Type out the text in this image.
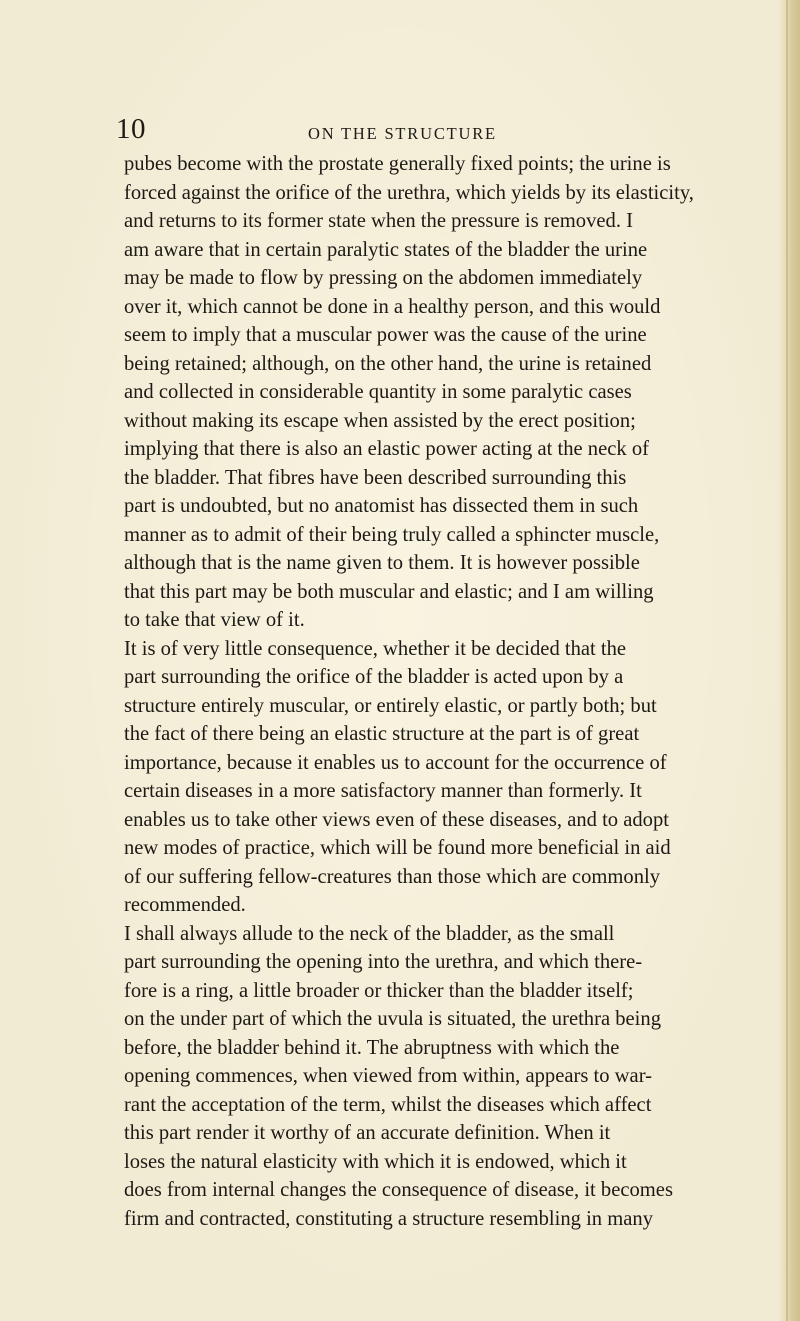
10	ON THE STRUCTURE
pubes become with the prostate generally fixed points; the urine is
forced against the orifice of the urethra, which yields by its elasticity,
and returns to its former state when the pressure is removed. I
am aware that in certain paralytic states of the bladder the urine
may be made to flow by pressing on the abdomen immediately
over it, which cannot be done in a healthy person, and this would
seem to imply that a muscular power was the cause of the urine
being retained; although, on the other hand, the urine is retained
and collected in considerable quantity in some paralytic cases
without making its escape when assisted by the erect position;
implying that there is also an elastic power acting at the neck of
the bladder. That fibres have been described surrounding this
part is undoubted, but no anatomist has dissected them in such
manner as to admit of their being truly called a sphincter muscle,
although that is the name given to them. It is however possible
that this part may be both muscular and elastic; and I am willing
to take that view of it.
It is of very little consequence, whether it be decided that the
part surrounding the orifice of the bladder is acted upon by a
structure entirely muscular, or entirely elastic, or partly both; but
the fact of there being an elastic structure at the part is of great
importance, because it enables us to account for the occurrence of
certain diseases in a more satisfactory manner than formerly. It
enables us to take other views even of these diseases, and to adopt
new modes of practice, which will be found more beneficial in aid
of our suffering fellow-creatures than those which are commonly
recommended.
I shall always allude to the neck of the bladder, as the small
part surrounding the opening into the urethra, and which there-
fore is a ring, a little broader or thicker than the bladder itself;
on the under part of which the uvula is situated, the urethra being
before, the bladder behind it. The abruptness with which the
opening commences, when viewed from within, appears to war-
rant the acceptation of the term, whilst the diseases which affect
this part render it worthy of an accurate definition. When it
loses the natural elasticity with which it is endowed, which it
does from internal changes the consequence of disease, it becomes
firm and contracted, constituting a structure resembling in many
